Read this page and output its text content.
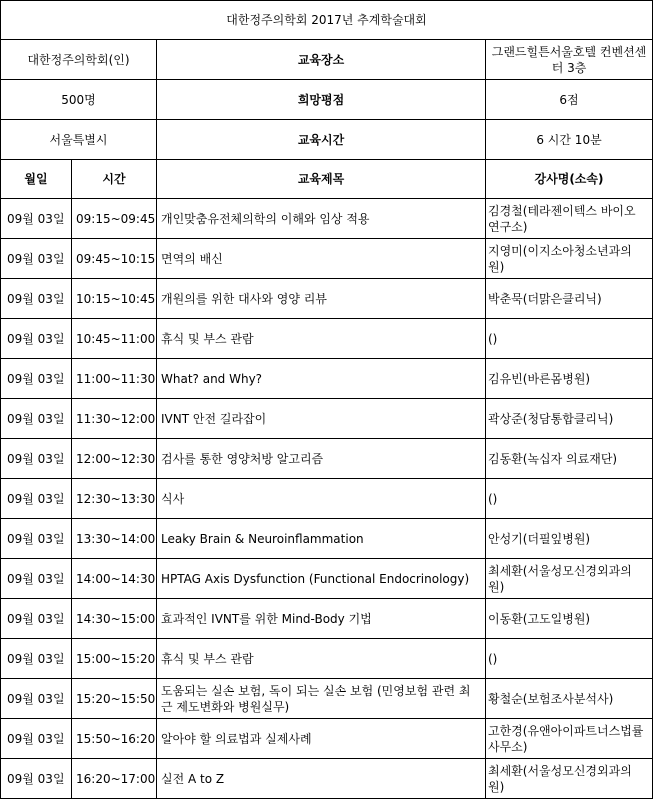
대한정주의학회 2017년 추계학술대회			
대한정주의학회(인)		교육장소	그랜드힐튼서울호텔 컨벤션센터 3층
500명		희망평점	6점
서울특별시		교육시간	6 시간 10분
월일	시간	교육제목	강사명(소속)
09월 03일	09:15~09:45	개인맞춤유전체의학의 이해와 임상 적용	김경철(테라젠이텍스 바이오 연구소)
09월 03일	09:45~10:15	면역의 배신	지영미(이지소아청소년과의원)
09월 03일	10:15~10:45	개원의를 위한 대사와 영양 리뷰	박춘묵(더맑은클리닉)
09월 03일	10:45~11:00	휴식 및 부스 관람	()
09월 03일	11:00~11:30	What? and Why?	김유빈(바른몸병원)
09월 03일	11:30~12:00	IVNT 안전 길라잡이	곽상준(청담통합클리닉)
09월 03일	12:00~12:30	검사를 통한 영양처방 알고리즘	김동환(녹십자 의료재단)
09월 03일	12:30~13:30	식사	()
09월 03일	13:30~14:00	Leaky Brain & Neuroinflammation	안성기(더필잎병원)
09월 03일	14:00~14:30	HPTAG Axis Dysfunction (Functional Endocrinology)	최세환(서울성모신경외과의원)
09월 03일	14:30~15:00	효과적인 IVNT를 위한 Mind-Body 기법	이동환(고도일병원)
09월 03일	15:00~15:20	휴식 및 부스 관람	()
09월 03일	15:20~15:50	도움되는 실손 보험, 독이 되는 실손 보험 (민영보험 관련 최근 제도변화와 병원실무)	황철순(보험조사분석사)
09월 03일	15:50~16:20	알아야 할 의료법과 실제사례	고한경(유앤아이파트너스법률사무소)
09월 03일	16:20~17:00	실전 A to Z	최세환(서울성모신경외과의원)
